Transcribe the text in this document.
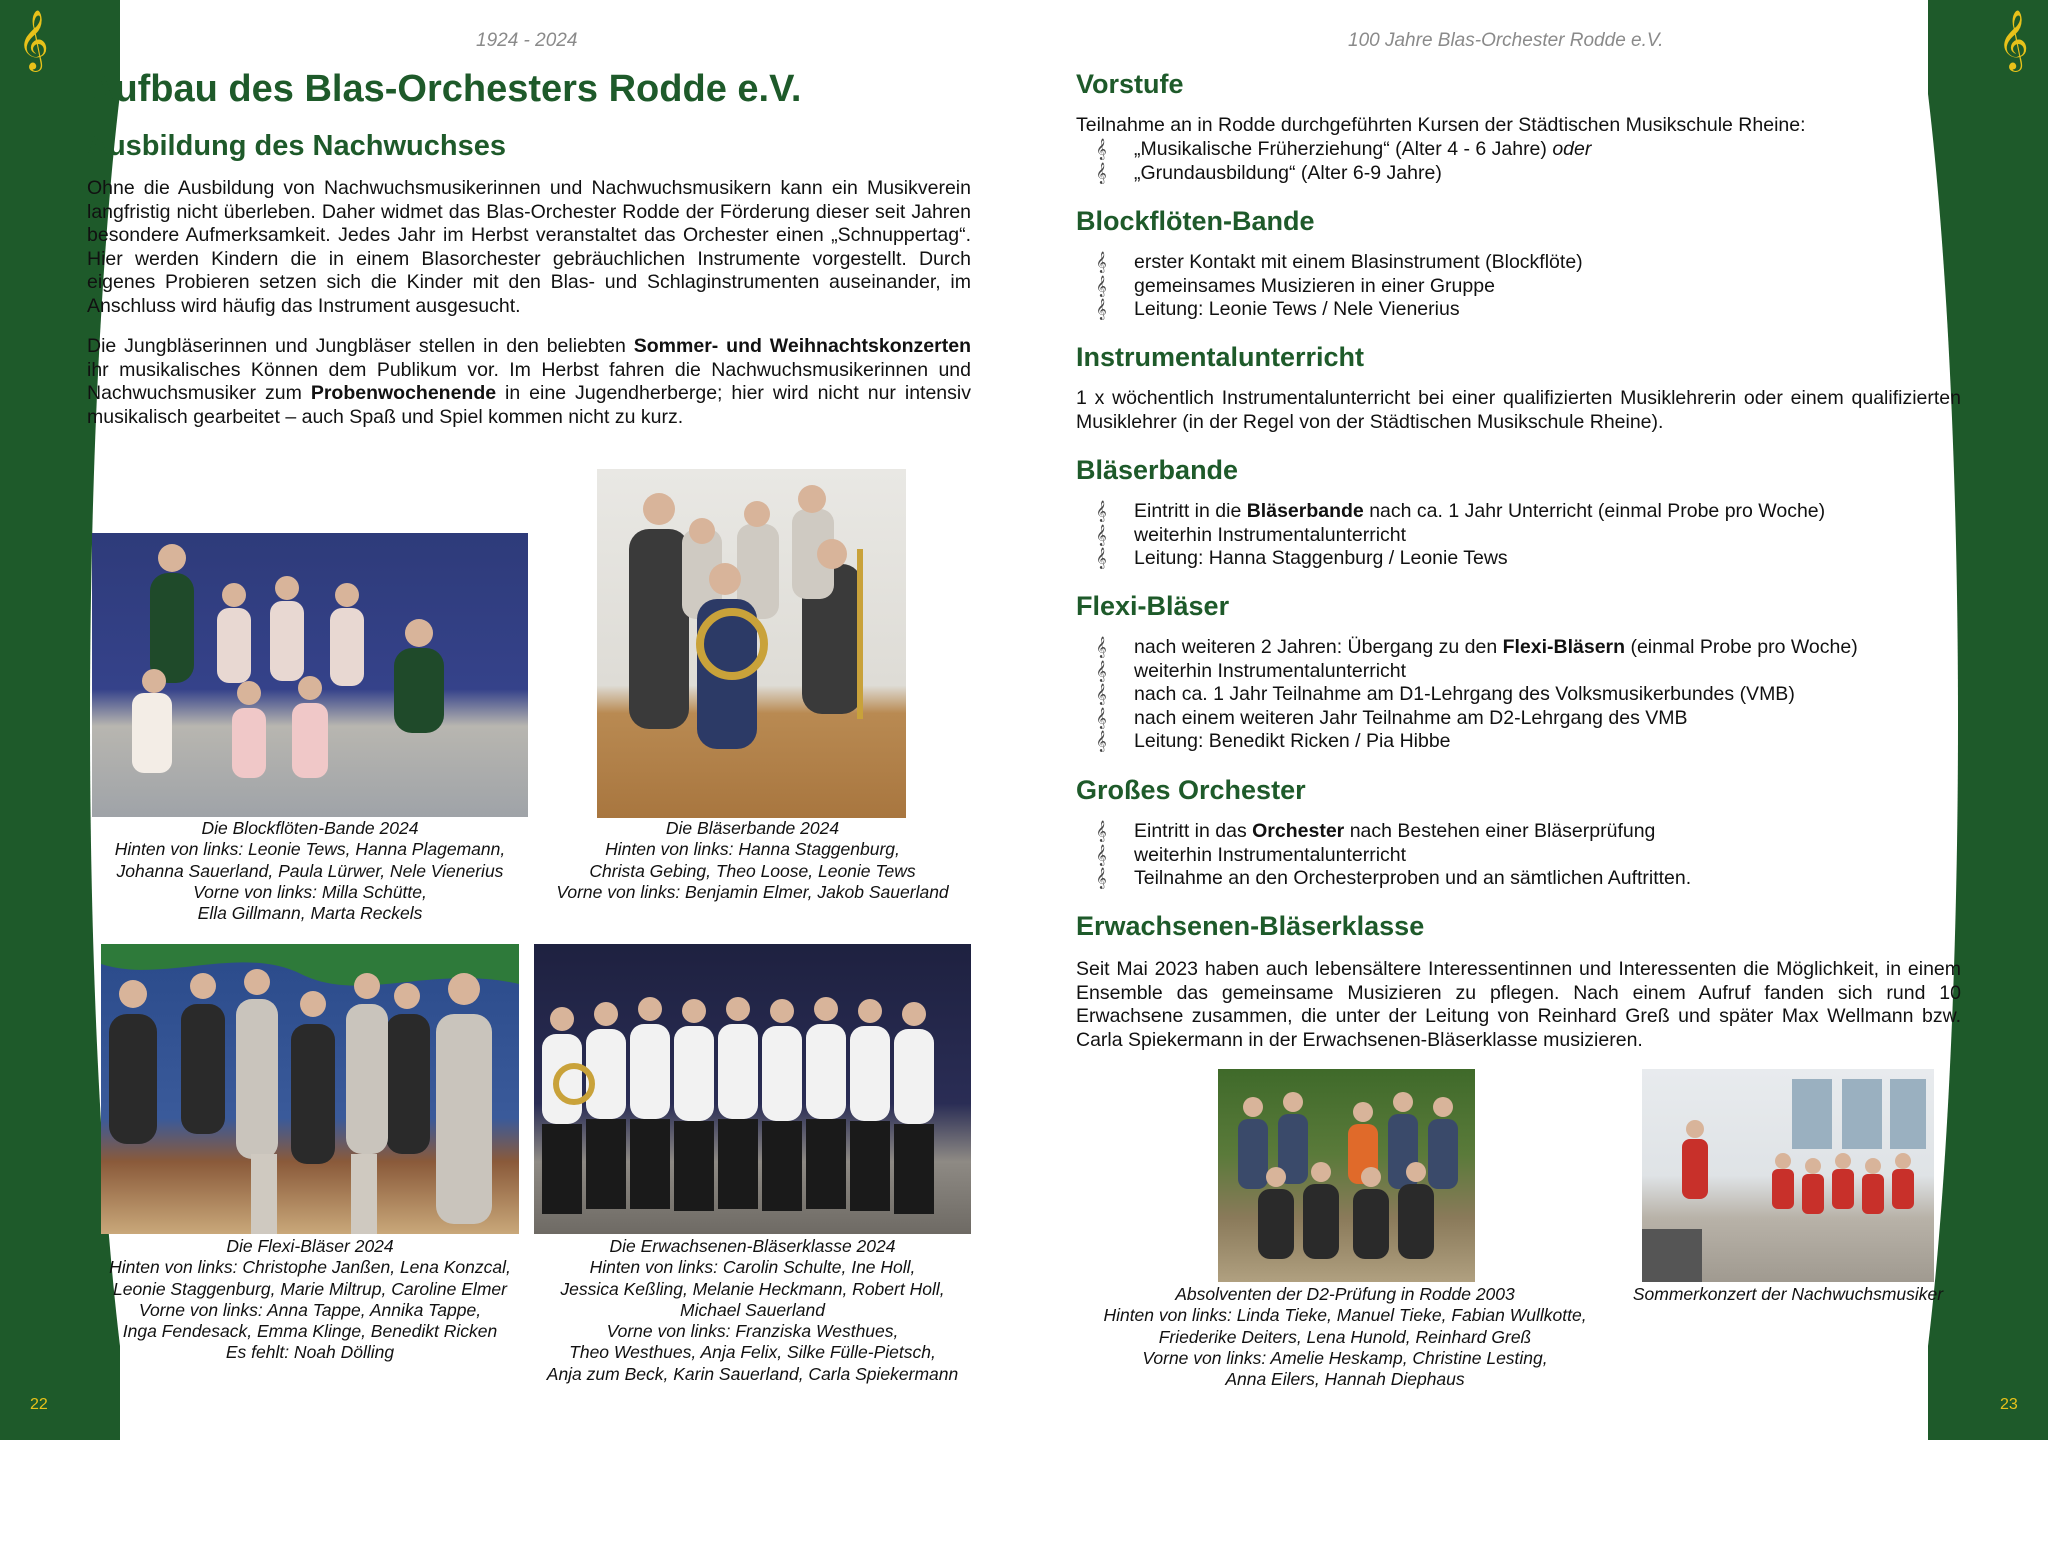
𝄞	𝄞
22	23
1924 - 2024	100 Jahre Blas-Orchester Rodde e.V.
Aufbau des Blas-Orchesters Rodde e.V.
Ausbildung des Nachwuchses

Ohne die Ausbildung von Nachwuchsmusikerinnen und Nachwuchsmusikern kann ein Musikverein langfristig nicht überleben. Daher widmet das Blas-Orchester Rodde der Förderung dieser seit Jahren besondere Aufmerksamkeit. Jedes Jahr im Herbst veranstaltet das Orchester einen „Schnuppertag“. Hier werden Kindern die in einem Blasorchester gebräuchlichen Instrumente vorgestellt. Durch eigenes Probieren setzen sich die Kinder mit den Blas- und Schlaginstrumenten auseinander, im Anschluss wird häufig das Instrument ausgesucht.

Die Jungbläserinnen und Jungbläser stellen in den beliebten Sommer- und Weihnachtskonzerten ihr musikalisches Können dem Publikum vor. Im Herbst fahren die Nachwuchsmusikerinnen und Nachwuchsmusiker zum Probenwochenende in eine Jugendherberge; hier wird nicht nur intensiv musikalisch gearbeitet – auch Spaß und Spiel kommen nicht zu kurz.

Die Blockflöten-Bande 2024
Hinten von links: Leonie Tews, Hanna Plagemann,
Johanna Sauerland, Paula Lürwer, Nele Vienerius
Vorne von links: Milla Schütte,
Ella Gillmann, Marta Reckels
Die Bläserbande 2024
Hinten von links: Hanna Staggenburg,
Christa Gebing, Theo Loose, Leonie Tews
Vorne von links: Benjamin Elmer, Jakob Sauerland
Die Flexi-Bläser 2024
Hinten von links: Christophe Janßen, Lena Konzcal,
Leonie Staggenburg, Marie Miltrup, Caroline Elmer
Vorne von links: Anna Tappe, Annika Tappe,
Inga Fendesack, Emma Klinge, Benedikt Ricken
Es fehlt: Noah Dölling
Die Erwachsenen-Bläserklasse 2024
Hinten von links: Carolin Schulte, Ine Holl,
Jessica Keßling, Melanie Heckmann, Robert Holl,
Michael Sauerland
Vorne von links: Franziska Westhues,
Theo Westhues, Anja Felix, Silke Fülle-Pietsch,
Anja zum Beck, Karin Sauerland, Carla Spiekermann
Vorstufe

Teilnahme an in Rodde durchgeführten Kursen der Städtischen Musikschule Rheine:

𝄞 „Musikalische Früherziehung“ (Alter 4 - 6 Jahre) oder
𝄞 „Grundausbildung“ (Alter 6-9 Jahre)
Blockflöten-Bande
𝄞 erster Kontakt mit einem Blasinstrument (Blockflöte)
𝄞 gemeinsames Musizieren in einer Gruppe
𝄞 Leitung: Leonie Tews / Nele Vienerius
Instrumentalunterricht

1 x wöchentlich Instrumentalunterricht bei einer qualifizierten Musiklehrerin oder einem qualifizierten Musiklehrer (in der Regel von der Städtischen Musikschule Rheine).

Bläserbande
𝄞 Eintritt in die Bläserbande nach ca. 1 Jahr Unterricht (einmal Probe pro Woche)
𝄞 weiterhin Instrumentalunterricht
𝄞 Leitung: Hanna Staggenburg / Leonie Tews
Flexi-Bläser
𝄞 nach weiteren 2 Jahren: Übergang zu den Flexi-Bläsern (einmal Probe pro Woche)
𝄞 weiterhin Instrumentalunterricht
𝄞 nach ca. 1 Jahr Teilnahme am D1-Lehrgang des Volksmusikerbundes (VMB)
𝄞 nach einem weiteren Jahr Teilnahme am D2-Lehrgang des VMB
𝄞 Leitung: Benedikt Ricken / Pia Hibbe
Großes Orchester
𝄞 Eintritt in das Orchester nach Bestehen einer Bläserprüfung
𝄞 weiterhin Instrumentalunterricht
𝄞 Teilnahme an den Orchesterproben und an sämtlichen Auftritten.
Erwachsenen-Bläserklasse

Seit Mai 2023 haben auch lebensältere Interessentinnen und Interessenten die Möglichkeit, in einem Ensemble das gemeinsame Musizieren zu pflegen. Nach einem Aufruf fanden sich rund 10 Erwachsene zusammen, die unter der Leitung von Reinhard Greß und später Max Wellmann bzw. Carla Spiekermann in der Erwachsenen-Bläserklasse musizieren.

Absolventen der D2-Prüfung in Rodde 2003
Hinten von links: Linda Tieke, Manuel Tieke, Fabian Wullkotte,
Friederike Deiters, Lena Hunold, Reinhard Greß
Vorne von links: Amelie Heskamp, Christine Lesting,
Anna Eilers, Hannah Diephaus
Sommerkonzert der Nachwuchsmusiker
